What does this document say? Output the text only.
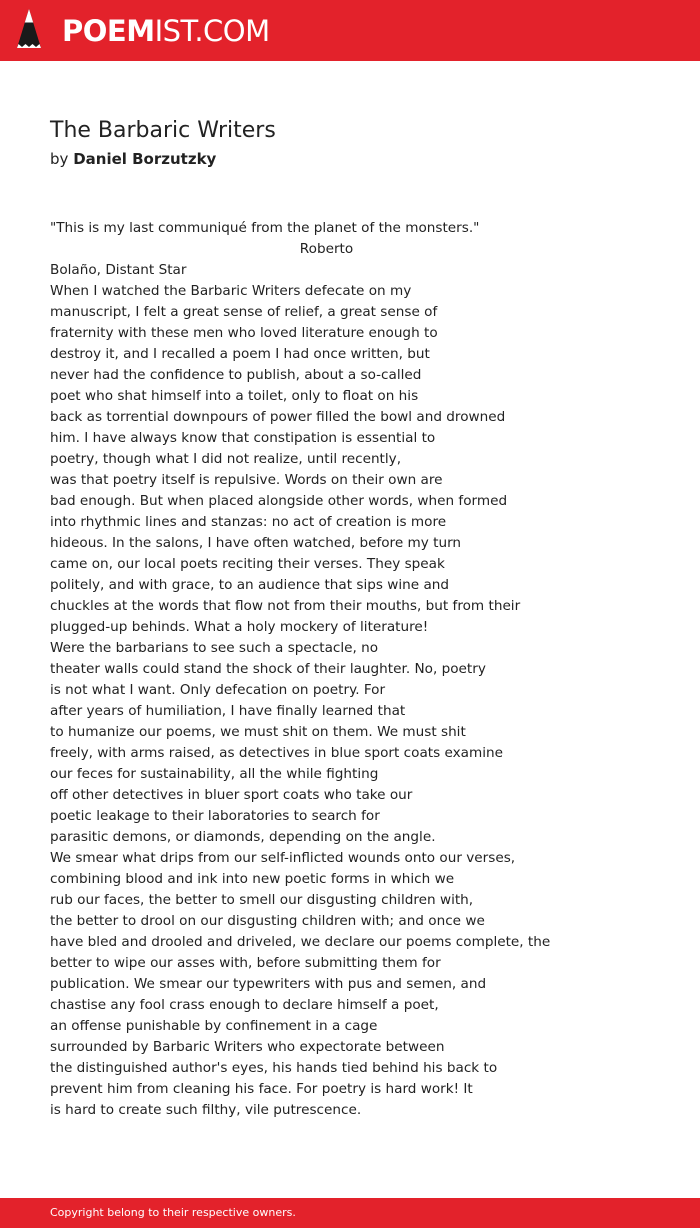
POEMIST.COM
The Barbaric Writers
by Daniel Borzutzky
"This is my last communiqué from the planet of the monsters."
Roberto
Bolaño, Distant Star
When I watched the Barbaric Writers defecate on my
manuscript, I felt a great sense of relief, a great sense of
fraternity with these men who loved literature enough to
destroy it, and I recalled a poem I had once written, but
never had the confidence to publish, about a so-called
poet who shat himself into a toilet, only to float on his
back as torrential downpours of power filled the bowl and drowned
him. I have always know that constipation is essential to
poetry, though what I did not realize, until recently,
was that poetry itself is repulsive. Words on their own are
bad enough. But when placed alongside other words, when formed
into rhythmic lines and stanzas: no act of creation is more
hideous. In the salons, I have often watched, before my turn
came on, our local poets reciting their verses. They speak
politely, and with grace, to an audience that sips wine and
chuckles at the words that flow not from their mouths, but from their
plugged-up behinds. What a holy mockery of literature!
Were the barbarians to see such a spectacle, no
theater walls could stand the shock of their laughter. No, poetry
is not what I want. Only defecation on poetry. For
after years of humiliation, I have finally learned that
to humanize our poems, we must shit on them. We must shit
freely, with arms raised, as detectives in blue sport coats examine
our feces for sustainability, all the while fighting
off other detectives in bluer sport coats who take our
poetic leakage to their laboratories to search for
parasitic demons, or diamonds, depending on the angle.
We smear what drips from our self-inflicted wounds onto our verses,
combining blood and ink into new poetic forms in which we
rub our faces, the better to smell our disgusting children with,
the better to drool on our disgusting children with; and once we
have bled and drooled and driveled, we declare our poems complete, the
better to wipe our asses with, before submitting them for
publication. We smear our typewriters with pus and semen, and
chastise any fool crass enough to declare himself a poet,
an offense punishable by confinement in a cage
surrounded by Barbaric Writers who expectorate between
the distinguished author's eyes, his hands tied behind his back to
prevent him from cleaning his face. For poetry is hard work! It
is hard to create such filthy, vile putrescence.
Copyright belong to their respective owners.
